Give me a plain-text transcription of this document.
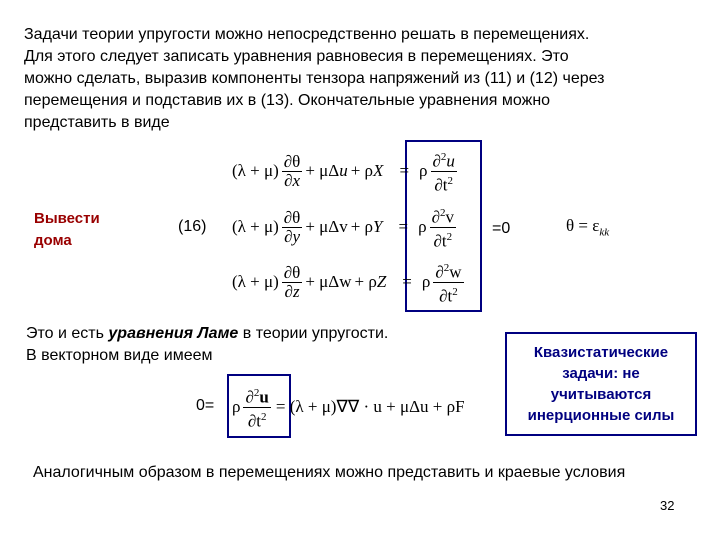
Задачи теории упругости можно непосредственно решать в перемещениях.
Для этого следует записать уравнения равновесия в перемещениях. Это
можно сделать, выразив компоненты тензора напряжений из (11) и (12) через
перемещения и подставив их в (13). Окончательные уравнения можно
представить в виде
Вывести
дома
(16)
$(\lambda + \mu) \frac{\partial\theta}{\partial x} + \mu\Delta u + \rho X = \rho \frac{\partial^2u}{\partial t^2}$
$(\lambda + \mu) \frac{\partial\theta}{\partial y} + \mu\Delta v + \rho Y = \rho \frac{\partial^2v}{\partial t^2}$
$(\lambda + \mu) \frac{\partial\theta}{\partial z} + \mu\Delta w + \rho Z = \rho \frac{\partial^2w}{\partial t^2}$
=0	$\theta = \varepsilon_{kk}$
Это и есть уравнения Ламе в теории упругости.
В векторном виде имеем	Квазистатические
задачи: не
учитываются
инерционные силы
0= ρ $\frac{\partial^2u}{\partial t^2} = (\lambda + \mu)\nabla\nabla \cdot u + \mu\Delta u + \rho F$
Аналогичным образом в перемещениях можно представить и краевые условия
32
